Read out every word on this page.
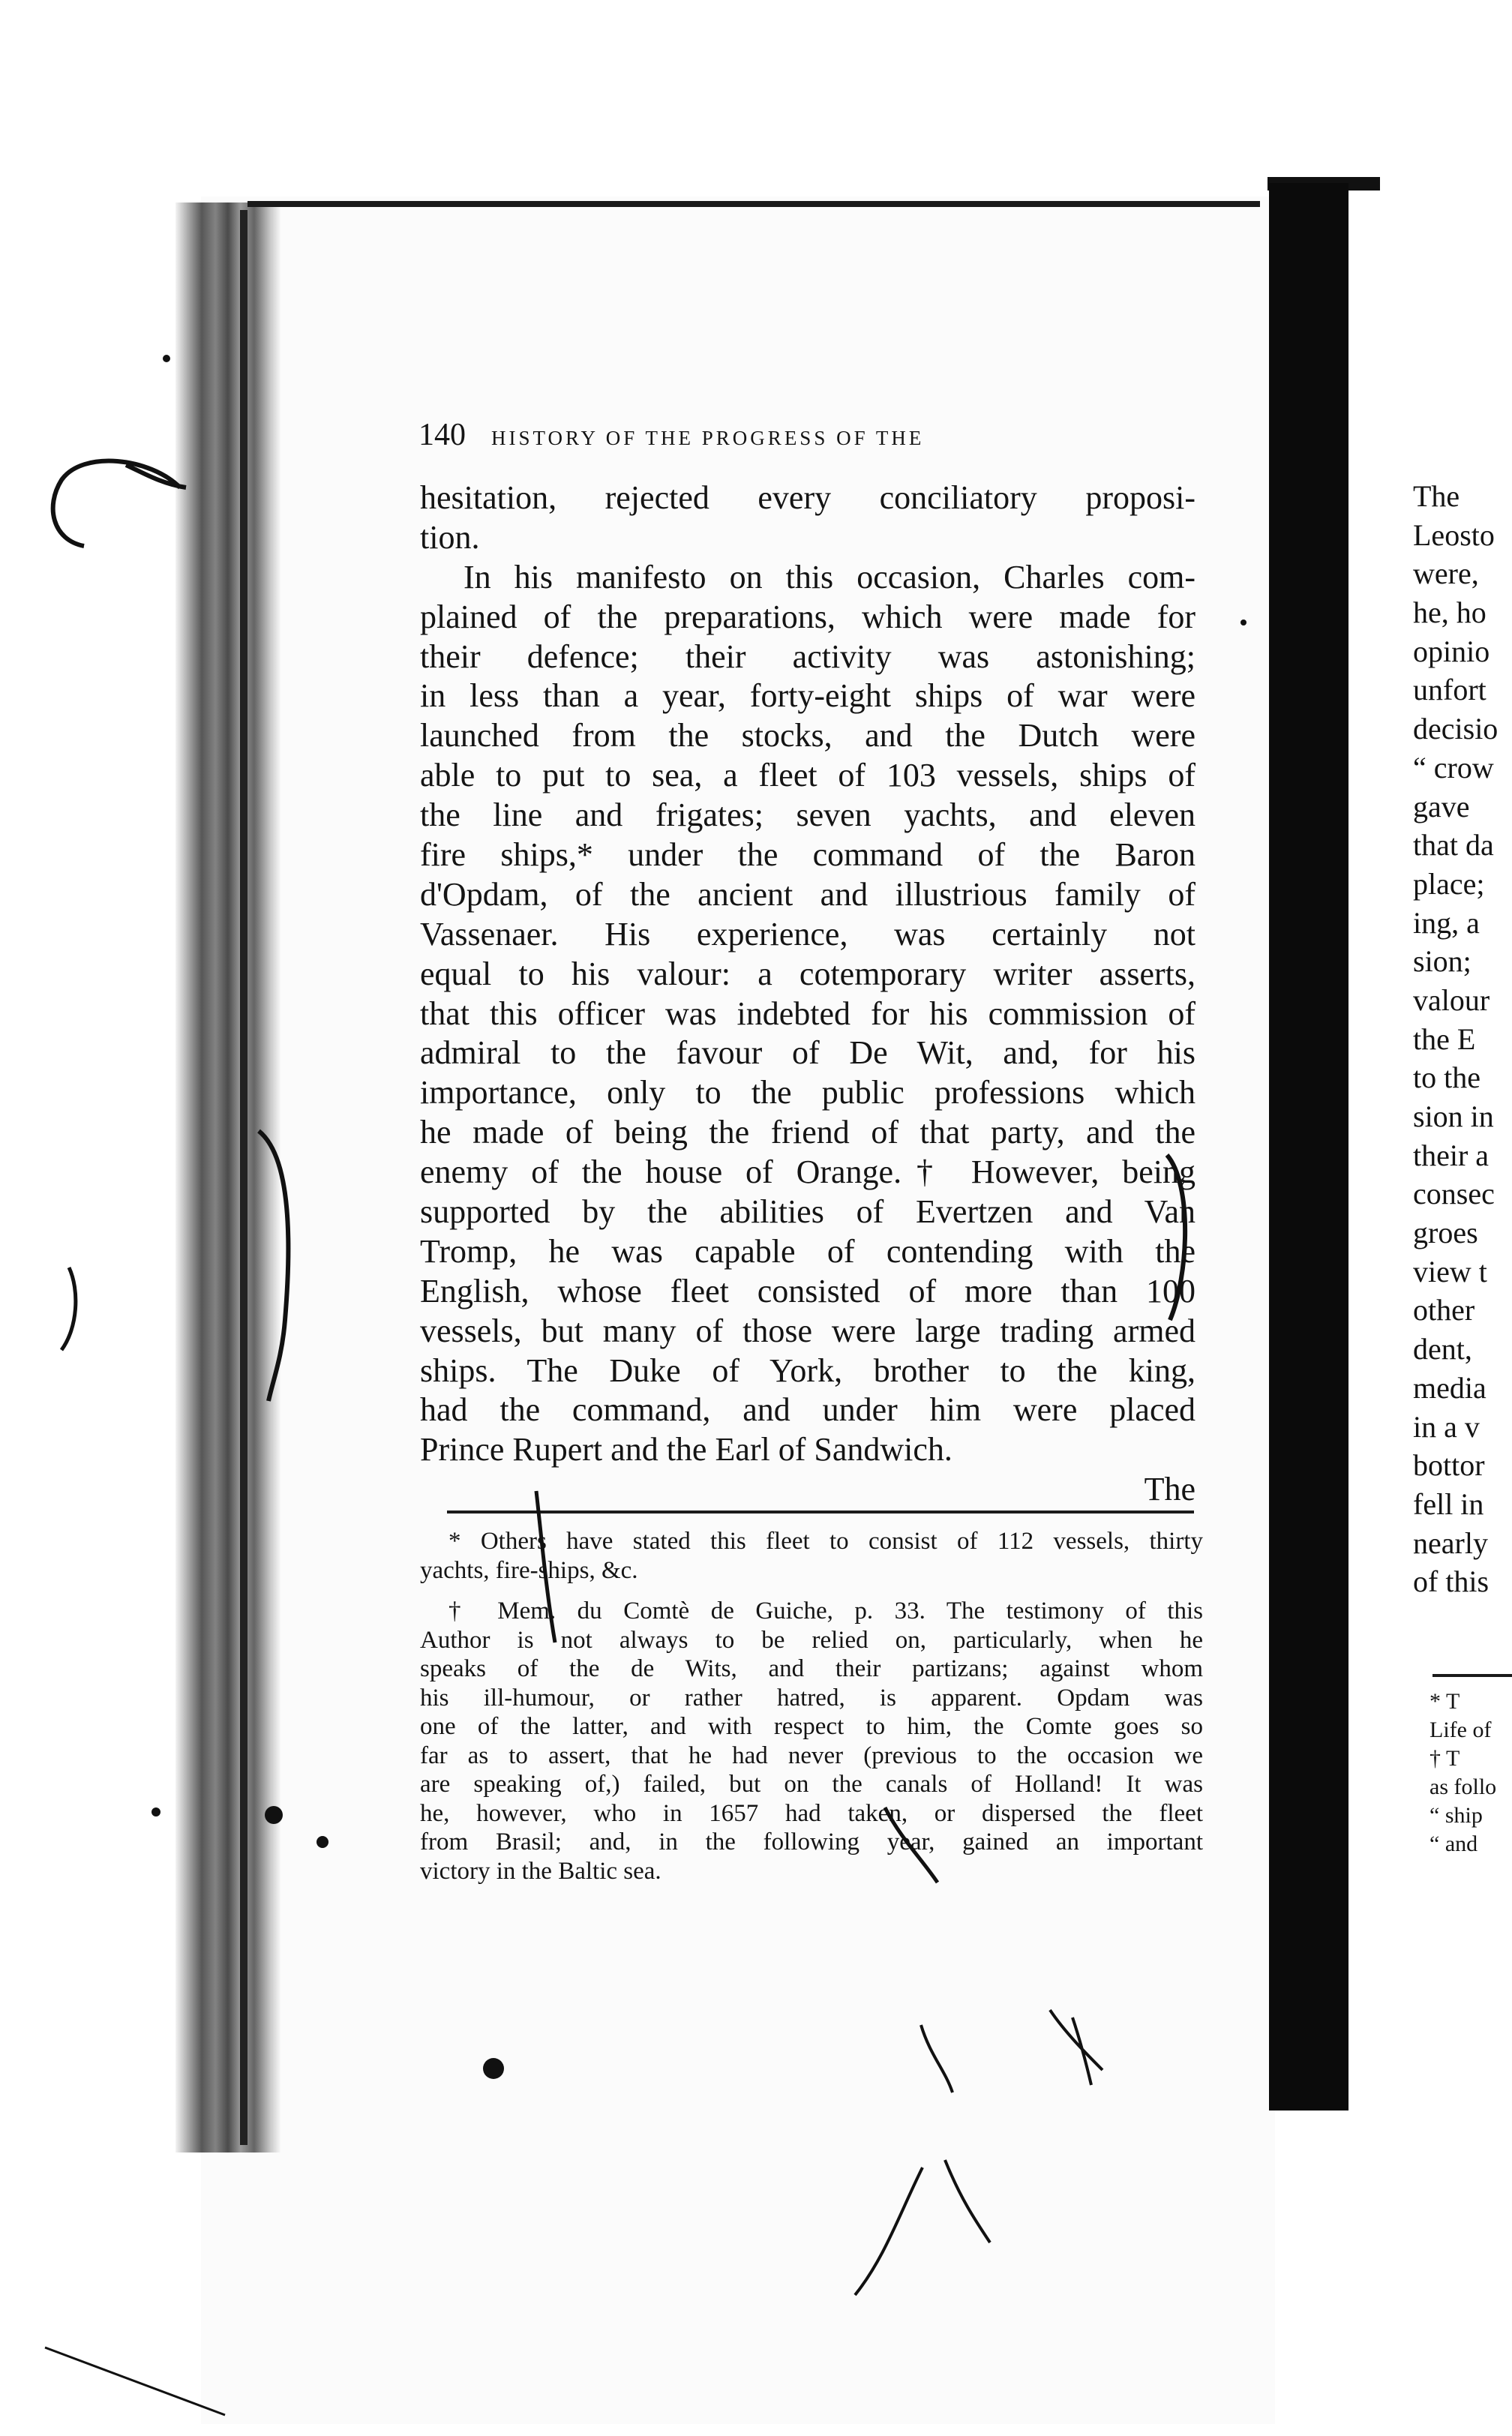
140 HISTORY OF THE PROGRESS OF THE
hesitation, rejected every conciliatory proposi-
tion.
In his manifesto on this occasion, Charles com-
plained of the preparations, which were made for
their defence; their activity was astonishing;
in less than a year, forty-eight ships of war were
launched from the stocks, and the Dutch were
able to put to sea, a fleet of 103 vessels, ships of
the line and frigates; seven yachts, and eleven
fire ships,* under the command of the Baron
d'Opdam, of the ancient and illustrious family of
Vassenaer. His experience, was certainly not
equal to his valour: a cotemporary writer asserts,
that this officer was indebted for his commission of
admiral to the favour of De Wit, and, for his
importance, only to the public professions which
he made of being the friend of that party, and the
enemy of the house of Orange.† However, being
supported by the abilities of Evertzen and Van
Tromp, he was capable of contending with the
English, whose fleet consisted of more than 100
vessels, but many of those were large trading armed
ships. The Duke of York, brother to the king,
had the command, and under him were placed
Prince Rupert and the Earl of Sandwich.
The
* Others have stated this fleet to consist of 112 vessels, thirty
yachts, fire-ships, &c.
† Mem. du Comtè de Guiche, p. 33. The testimony of this
Author is not always to be relied on, particularly, when he
speaks of the de Wits, and their partizans; against whom
his ill-humour, or rather hatred, is apparent. Opdam was
one of the latter, and with respect to him, the Comte goes so
far as to assert, that he had never (previous to the occasion we
are speaking of,) failed, but on the canals of Holland! It was
he, however, who in 1657 had taken, or dispersed the fleet
from Brasil; and, in the following year, gained an important
victory in the Baltic sea.
The
Leosto
were,
he, ho
opinio
unfort
decisio
“ crow
gave
that da
place;
ing, a
sion;
valour
the E
to the
sion in
their a
consec
groes
view t
other
dent,
media
in a v
bottor
fell in
nearly
of this
* T
Life of
† T
as follo
“ ship
“ and
